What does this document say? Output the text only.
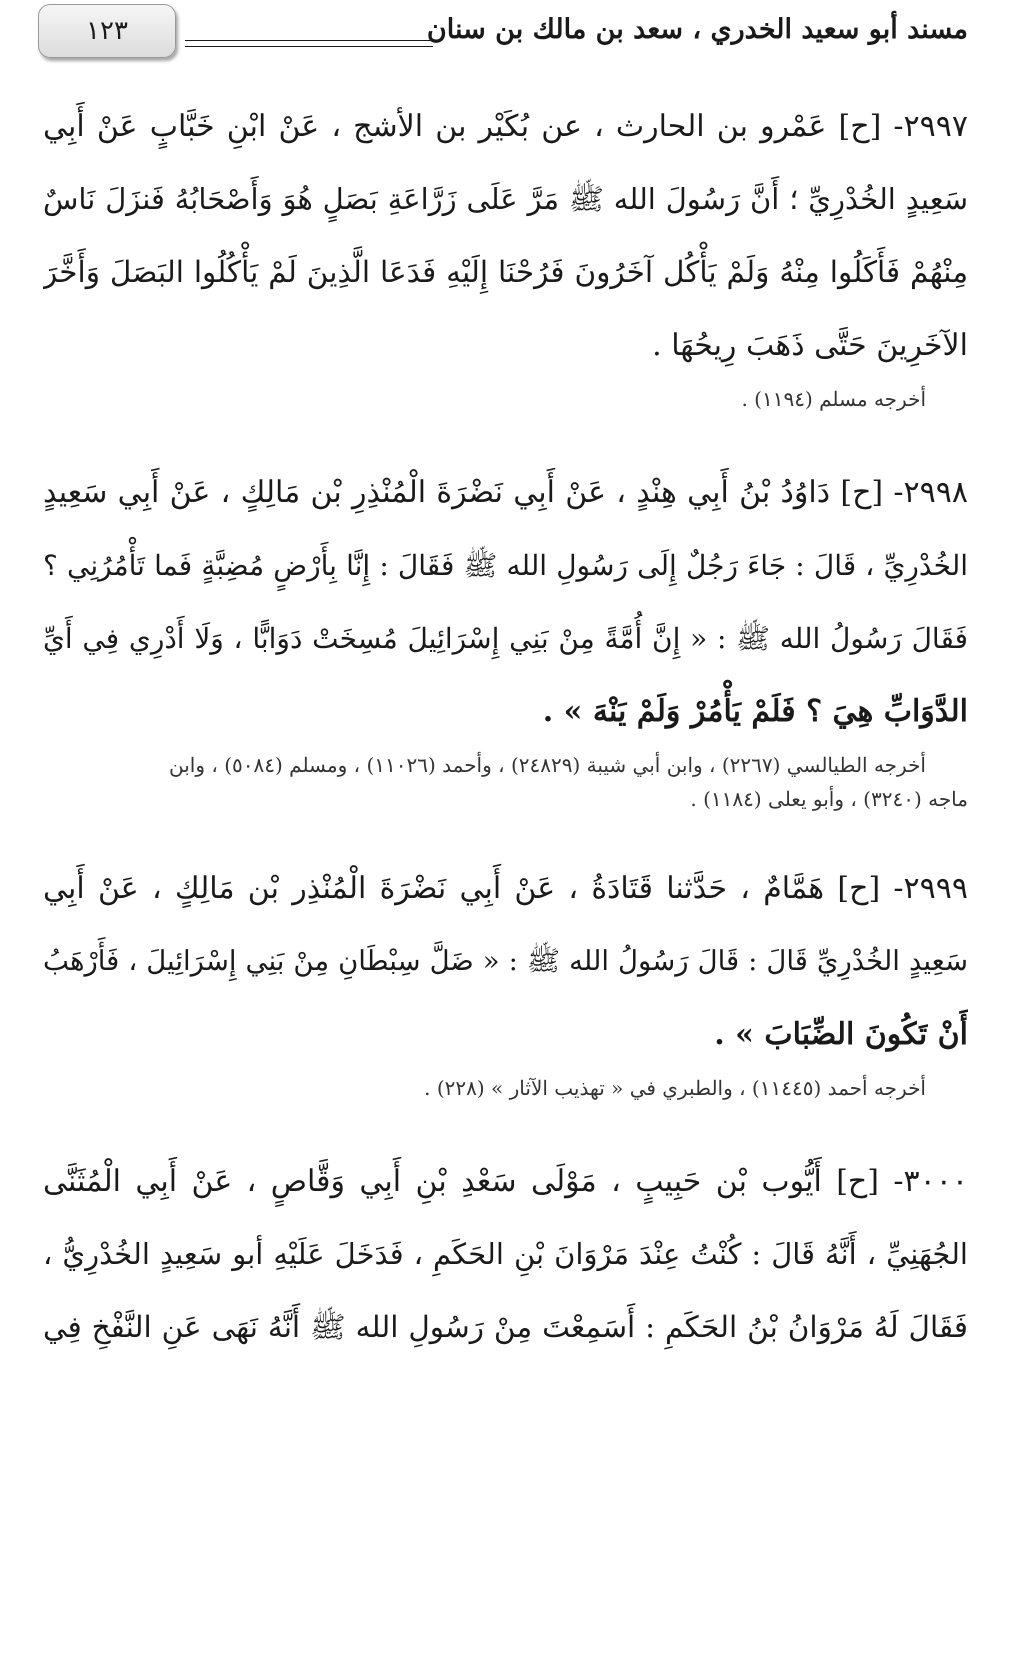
مسند أبو سعيد الخدري ، سعد بن مالك بن سنان
١٢٣
٢٩٩٧- [ح] عَمْرو بن الحارث ، عن بُكَيْر بن الأشج ، عَنْ ابْنِ خَبَّابٍ عَنْ أَبِي
سَعِيدٍ الخُدْرِيِّ ؛ أَنَّ رَسُولَ الله ﷺ مَرَّ عَلَى زَرَّاعَةِ بَصَلٍ هُوَ وَأَصْحَابُهُ فَنزَلَ نَاسٌ
مِنْهُمْ فَأَكَلُوا مِنْهُ وَلَمْ يَأْكُل آخَرُونَ فَرُحْنَا إِلَيْهِ فَدَعَا الَّذِينَ لَمْ يَأْكُلُوا البَصَلَ وَأَخَّرَ
الآخَرِينَ حَتَّى ذَهَبَ رِيحُهَا .
أخرجه مسلم (١١٩٤) .
٢٩٩٨- [ح] دَاوُدُ بْنُ أَبِي هِنْدٍ ، عَنْ أَبِي نَضْرَةَ الْمُنْذِرِ بْن مَالِكٍ ، عَنْ أَبِي سَعِيدٍ
الخُدْرِيِّ ، قَالَ : جَاءَ رَجُلٌ إِلَى رَسُولِ الله ﷺ فَقَالَ : إِنَّا بِأَرْضٍ مُضِبَّةٍ فَما تَأْمُرُنِي ؟
فَقَالَ رَسُولُ الله ﷺ : « إِنَّ أُمَّةً مِنْ بَنِي إِسْرَائِيلَ مُسِخَتْ دَوَابًّا ، وَلَا أَدْرِي فِي أَيِّ
الدَّوَابِّ هِيَ ؟ فَلَمْ يَأْمُرْ وَلَمْ يَنْهَ » .
أخرجه الطيالسي (٢٢٦٧) ، وابن أبي شيبة (٢٤٨٢٩) ، وأحمد (١١٠٢٦) ، ومسلم (٥٠٨٤) ، وابن
ماجه (٣٢٤٠) ، وأبو يعلى (١١٨٤) .
٢٩٩٩- [ح] هَمَّامٌ ، حَدَّثنا قَتَادَةُ ، عَنْ أَبِي نَضْرَةَ الْمُنْذِر بْن مَالِكٍ ، عَنْ أَبِي
سَعِيدٍ الخُدْرِيِّ قَالَ : قَالَ رَسُولُ الله ﷺ : « ضَلَّ سِبْطَانِ مِنْ بَنِي إِسْرَائِيلَ ، فَأَرْهَبُ
أَنْ تَكُونَ الضِّبَابَ » .
أخرجه أحمد (١١٤٤٥) ، والطبري في « تهذيب الآثار » (٢٢٨) .
٣٠٠٠- [ح] أَيُّوب بْن حَبِيبٍ ، مَوْلَى سَعْدِ بْنِ أَبِي وَقَّاصٍ ، عَنْ أَبِي الْمُثَنَّى
الجُهَنِيِّ ، أَنَّهُ قَالَ : كُنْتُ عِنْدَ مَرْوَانَ بْنِ الحَكَمِ ، فَدَخَلَ عَلَيْهِ أبو سَعِيدٍ الخُدْرِيُّ ،
فَقَالَ لَهُ مَرْوَانُ بْنُ الحَكَمِ : أَسَمِعْتَ مِنْ رَسُولِ الله ﷺ أَنَّهُ نَهَى عَنِ النَّفْخِ فِي
